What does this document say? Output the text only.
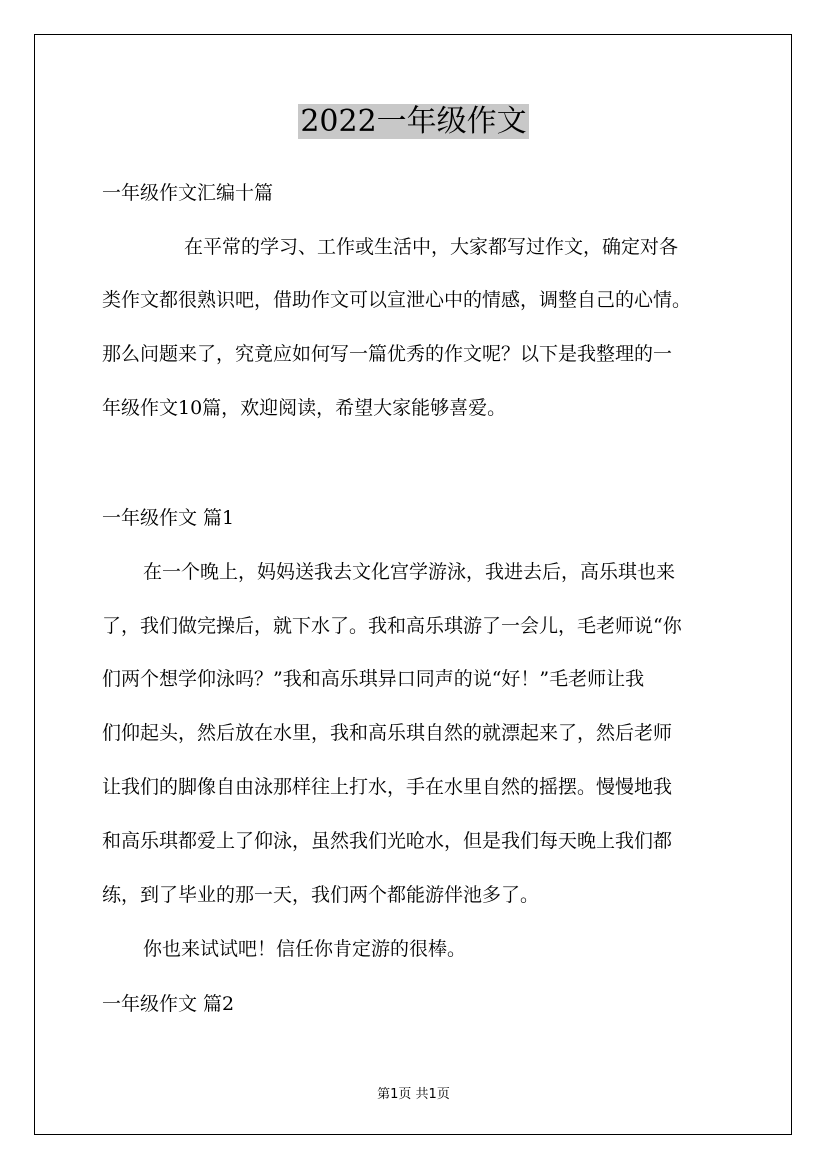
2022一年级作文
一年级作文汇编十篇
在平常的学习、工作或生活中，大家都写过作文，确定对各
类作文都很熟识吧，借助作文可以宣泄心中的情感，调整自己的心情。
那么问题来了，究竟应如何写一篇优秀的作文呢？以下是我整理的一
年级作文10篇，欢迎阅读，希望大家能够喜爱。
一年级作文 篇1
在一个晚上，妈妈送我去文化宫学游泳，我进去后，高乐琪也来
了，我们做完操后，就下水了。我和高乐琪游了一会儿，毛老师说“你
们两个想学仰泳吗？”我和高乐琪异口同声的说“好！”毛老师让我
们仰起头，然后放在水里，我和高乐琪自然的就漂起来了，然后老师
让我们的脚像自由泳那样往上打水，手在水里自然的摇摆。慢慢地我
和高乐琪都爱上了仰泳，虽然我们光呛水，但是我们每天晚上我们都
练，到了毕业的那一天，我们两个都能游伴池多了。
你也来试试吧！信任你肯定游的很棒。
一年级作文 篇2
第1页 共1页
